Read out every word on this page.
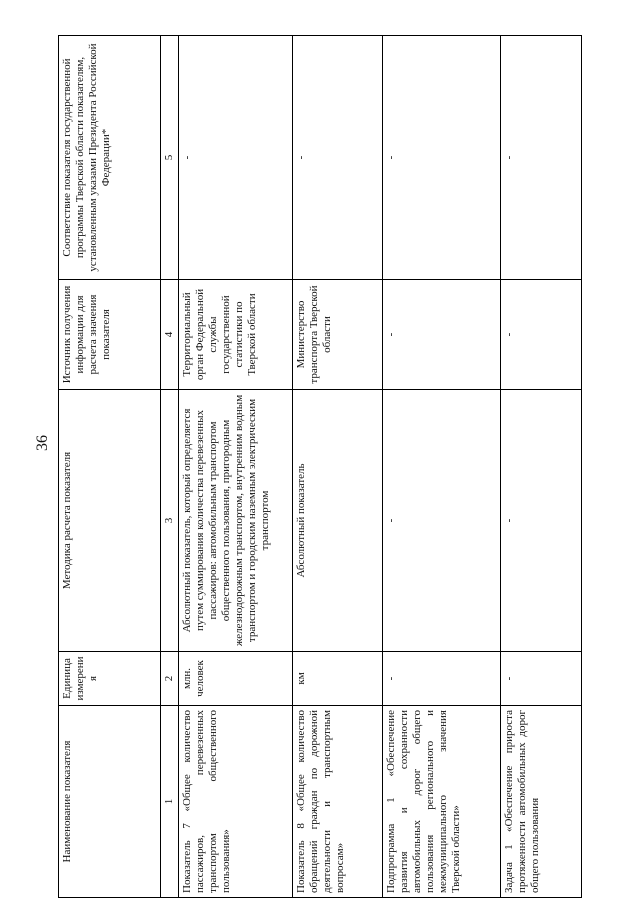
36
Наименование показателя	Единица измерения	Методика расчета показателя	Источник получения информации для расчета значения показателя	Соответствие показателя государственной программы Тверской области показателям, установленным указами Президента Российской Федерации*
1	2	3	4	5
Показатель 7 «Общее количество пассажиров, перевезенных транспортом общественного пользования»	млн. человек	Абсолютный показатель, который определяется путем суммирования количества перевезенных пассажиров: автомобильным транспортом общественного пользования, пригородным железнодорожным транспортом, внутренним водным транспортом и городским наземным электрическим транспортом	Территориальный орган Федеральной службы государственной статистики по Тверской области	-
Показатель 8 «Общее количество обращений граждан по дорожной деятельности и транспортным вопросам»	км	Абсолютный показатель	Министерство транспорта Тверской области	-
Подпрограмма 1 «Обеспечение развития и сохранности автомобильных дорог общего пользования регионального и межмуниципального значения Тверской области»	-	-	-	-
Задача 1 «Обеспечение прироста протяженности автомобильных дорог общего пользования	-	-	-	-
